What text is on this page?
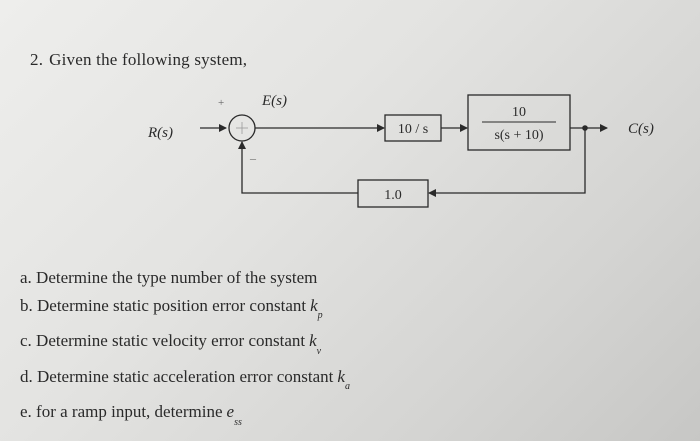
2. Given the following system,
R(s)
+
–
E(s)
10 / s
10
s(s + 10)	C(s)
1.0
a. Determine the type number of the system
b. Determine static position error constant $k_p$
c. Determine static velocity error constant $k_v$
d. Determine static acceleration error constant $k_a$
e. for a ramp input, determine $e_{ss}$
